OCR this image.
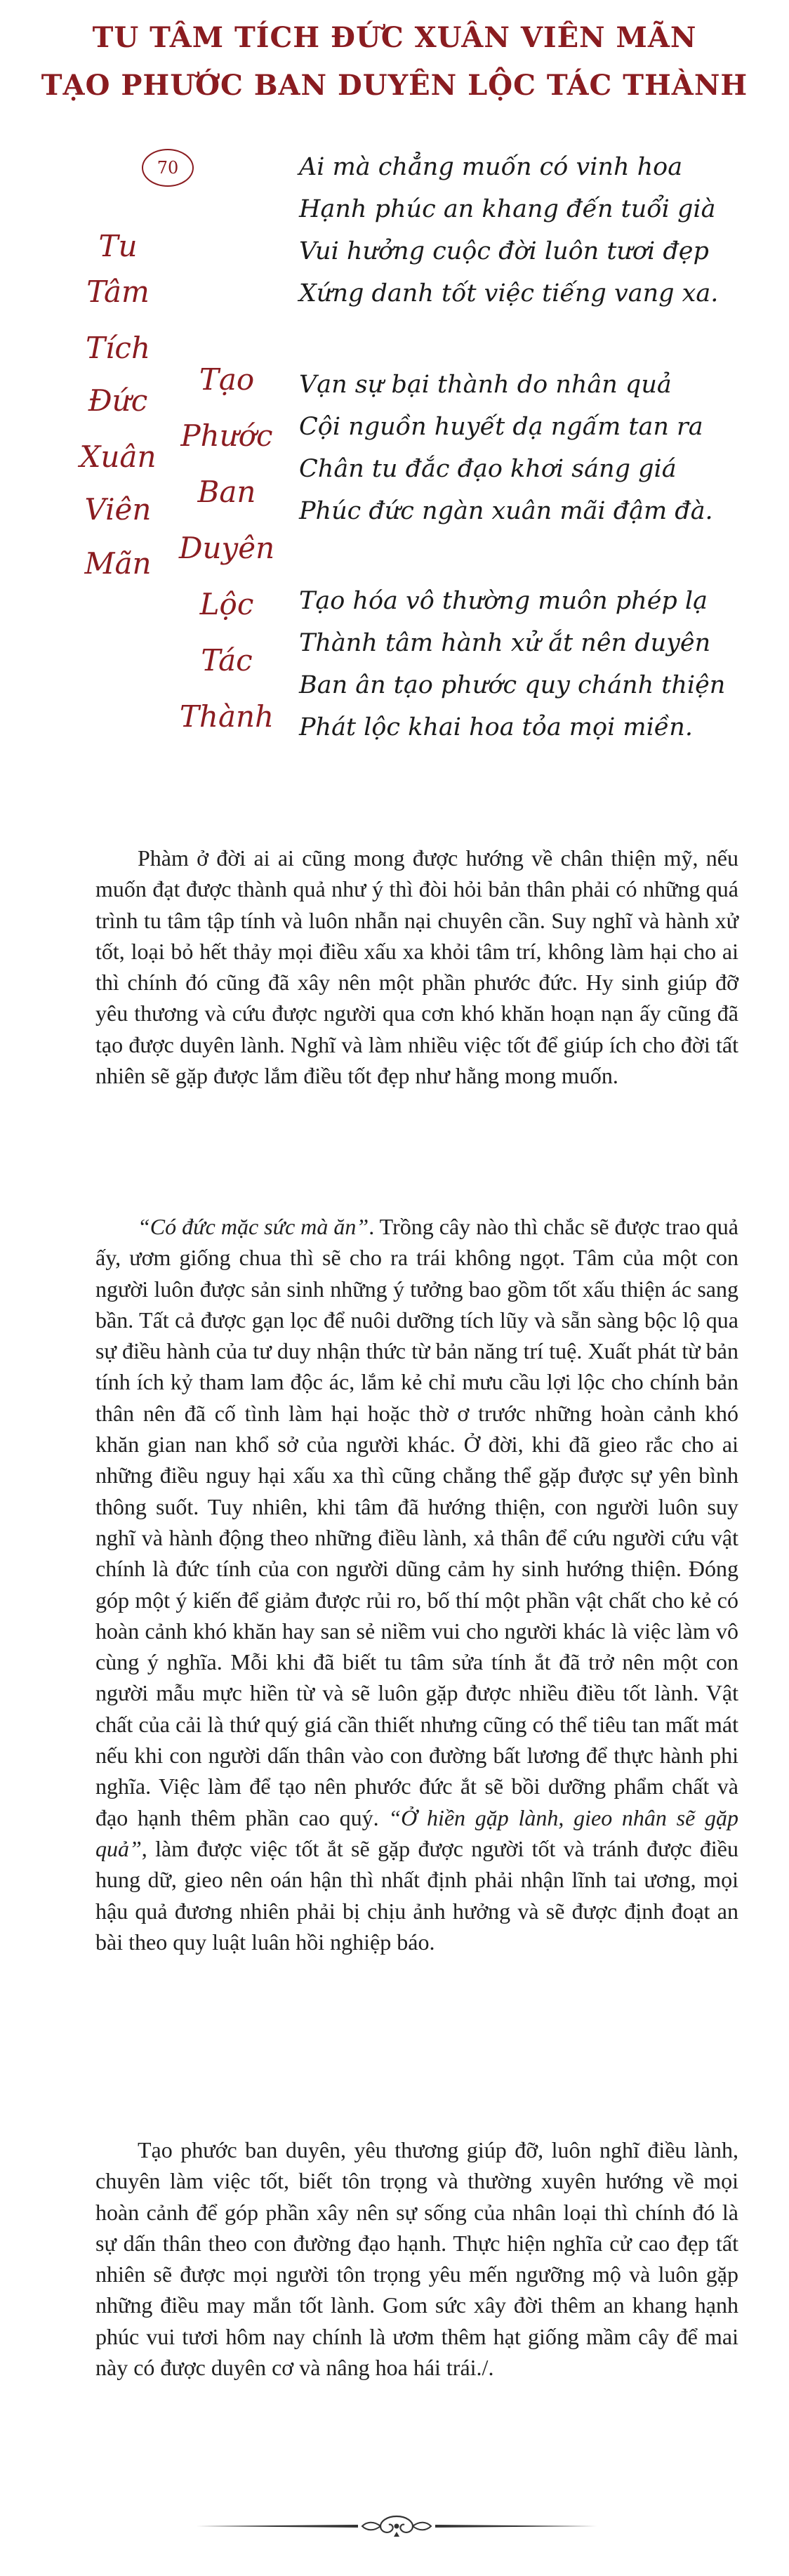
TU TÂM TÍCH ĐỨC XUÂN VIÊN MÃN
TẠO PHƯỚC BAN DUYÊN LỘC TÁC THÀNH
70
Tu
Tâm
Tích
Đức
Xuân
Viên
Mãn
Tạo
Phước
Ban
Duyên
Lộc
Tác
Thành
Ai mà chẳng muốn có vinh hoa
Hạnh phúc an khang đến tuổi già
Vui hưởng cuộc đời luôn tươi đẹp
Xứng danh tốt việc tiếng vang xa.
Vạn sự bại thành do nhân quả
Cội nguồn huyết dạ ngấm tan ra
Chân tu đắc đạo khơi sáng giá
Phúc đức ngàn xuân mãi đậm đà.
Tạo hóa vô thường muôn phép lạ
Thành tâm hành xử ắt nên duyên
Ban ân tạo phước quy chánh thiện
Phát lộc khai hoa tỏa mọi miền.

Phàm ở đời ai ai cũng mong được hướng về chân thiện mỹ, nếu muốn đạt được thành quả như ý thì đòi hỏi bản thân phải có những quá trình tu tâm tập tính và luôn nhẫn nại chuyên cần. Suy nghĩ và hành xử tốt, loại bỏ hết thảy mọi điều xấu xa khỏi tâm trí, không làm hại cho ai thì chính đó cũng đã xây nên một phần phước đức. Hy sinh giúp đỡ yêu thương và cứu được người qua cơn khó khăn hoạn nạn ấy cũng đã tạo được duyên lành. Nghĩ và làm nhiều việc tốt để giúp ích cho đời tất nhiên sẽ gặp được lắm điều tốt đẹp như hằng mong muốn.

“Có đức mặc sức mà ăn”. Trồng cây nào thì chắc sẽ được trao quả ấy, ươm giống chua thì sẽ cho ra trái không ngọt. Tâm của một con người luôn được sản sinh những ý tưởng bao gồm tốt xấu thiện ác sang bần. Tất cả được gạn lọc để nuôi dưỡng tích lũy và sẵn sàng bộc lộ qua sự điều hành của tư duy nhận thức từ bản năng trí tuệ. Xuất phát từ bản tính ích kỷ tham lam độc ác, lắm kẻ chỉ mưu cầu lợi lộc cho chính bản thân nên đã cố tình làm hại hoặc thờ ơ trước những hoàn cảnh khó khăn gian nan khổ sở của người khác. Ở đời, khi đã gieo rắc cho ai những điều nguy hại xấu xa thì cũng chẳng thể gặp được sự yên bình thông suốt. Tuy nhiên, khi tâm đã hướng thiện, con người luôn suy nghĩ và hành động theo những điều lành, xả thân để cứu người cứu vật chính là đức tính của con người dũng cảm hy sinh hướng thiện. Đóng góp một ý kiến để giảm được rủi ro, bố thí một phần vật chất cho kẻ có hoàn cảnh khó khăn hay san sẻ niềm vui cho người khác là việc làm vô cùng ý nghĩa. Mỗi khi đã biết tu tâm sửa tính ắt đã trở nên một con người mẫu mực hiền từ và sẽ luôn gặp được nhiều điều tốt lành. Vật chất của cải là thứ quý giá cần thiết nhưng cũng có thể tiêu tan mất mát nếu khi con người dấn thân vào con đường bất lương để thực hành phi nghĩa. Việc làm để tạo nên phước đức ắt sẽ bồi dưỡng phẩm chất và đạo hạnh thêm phần cao quý. “Ở hiền gặp lành, gieo nhân sẽ gặp quả”, làm được việc tốt ắt sẽ gặp được người tốt và tránh được điều hung dữ, gieo nên oán hận thì nhất định phải nhận lĩnh tai ương, mọi hậu quả đương nhiên phải bị chịu ảnh hưởng và sẽ được định đoạt an bài theo quy luật luân hồi nghiệp báo.

Tạo phước ban duyên, yêu thương giúp đỡ, luôn nghĩ điều lành, chuyên làm việc tốt, biết tôn trọng và thường xuyên hướng về mọi hoàn cảnh để góp phần xây nên sự sống của nhân loại thì chính đó là sự dấn thân theo con đường đạo hạnh. Thực hiện nghĩa cử cao đẹp tất nhiên sẽ được mọi người tôn trọng yêu mến ngưỡng mộ và luôn gặp những điều may mắn tốt lành. Gom sức xây đời thêm an khang hạnh phúc vui tươi hôm nay chính là ươm thêm hạt giống mầm cây để mai này có được duyên cơ và nâng hoa hái trái./.
